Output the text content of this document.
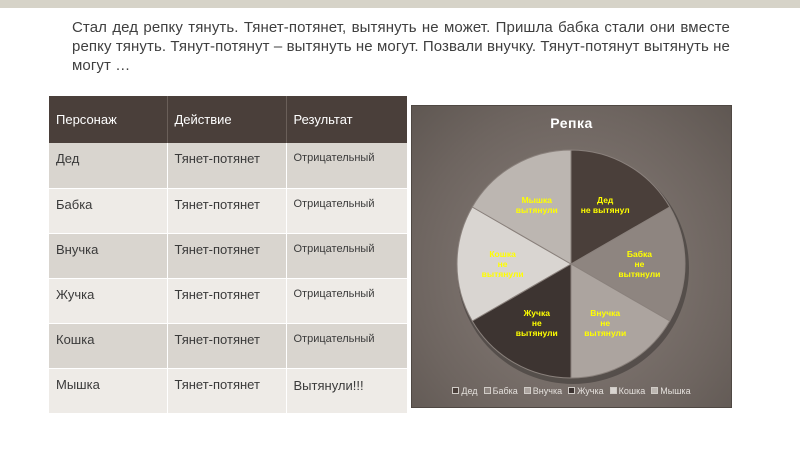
Стал дед репку тянуть. Тянет-потянет, вытянуть не может. Пришла бабка стали они вместе репку тянуть. Тянут-потянут – вытянуть не могут. Позвали внучку. Тянут-потянут вытянуть не могут …
Персонаж	Действие	Результат
Дед	Тянет-потянет	Отрицательный
Бабка	Тянет-потянет	Отрицательный
Внучка	Тянет-потянет	Отрицательный
Жучка	Тянет-потянет	Отрицательный
Кошка	Тянет-потянет	Отрицательный
Мышка	Тянет-потянет	Вытянули!!!
Репка
Дед не вытянул
Бабка не вытянули
Внучка не вытянули
Жучка не вытянули
Кошка не вытянули
Мышка вытянули
Дед Бабка Внучка Жучка Кошка Мышка
